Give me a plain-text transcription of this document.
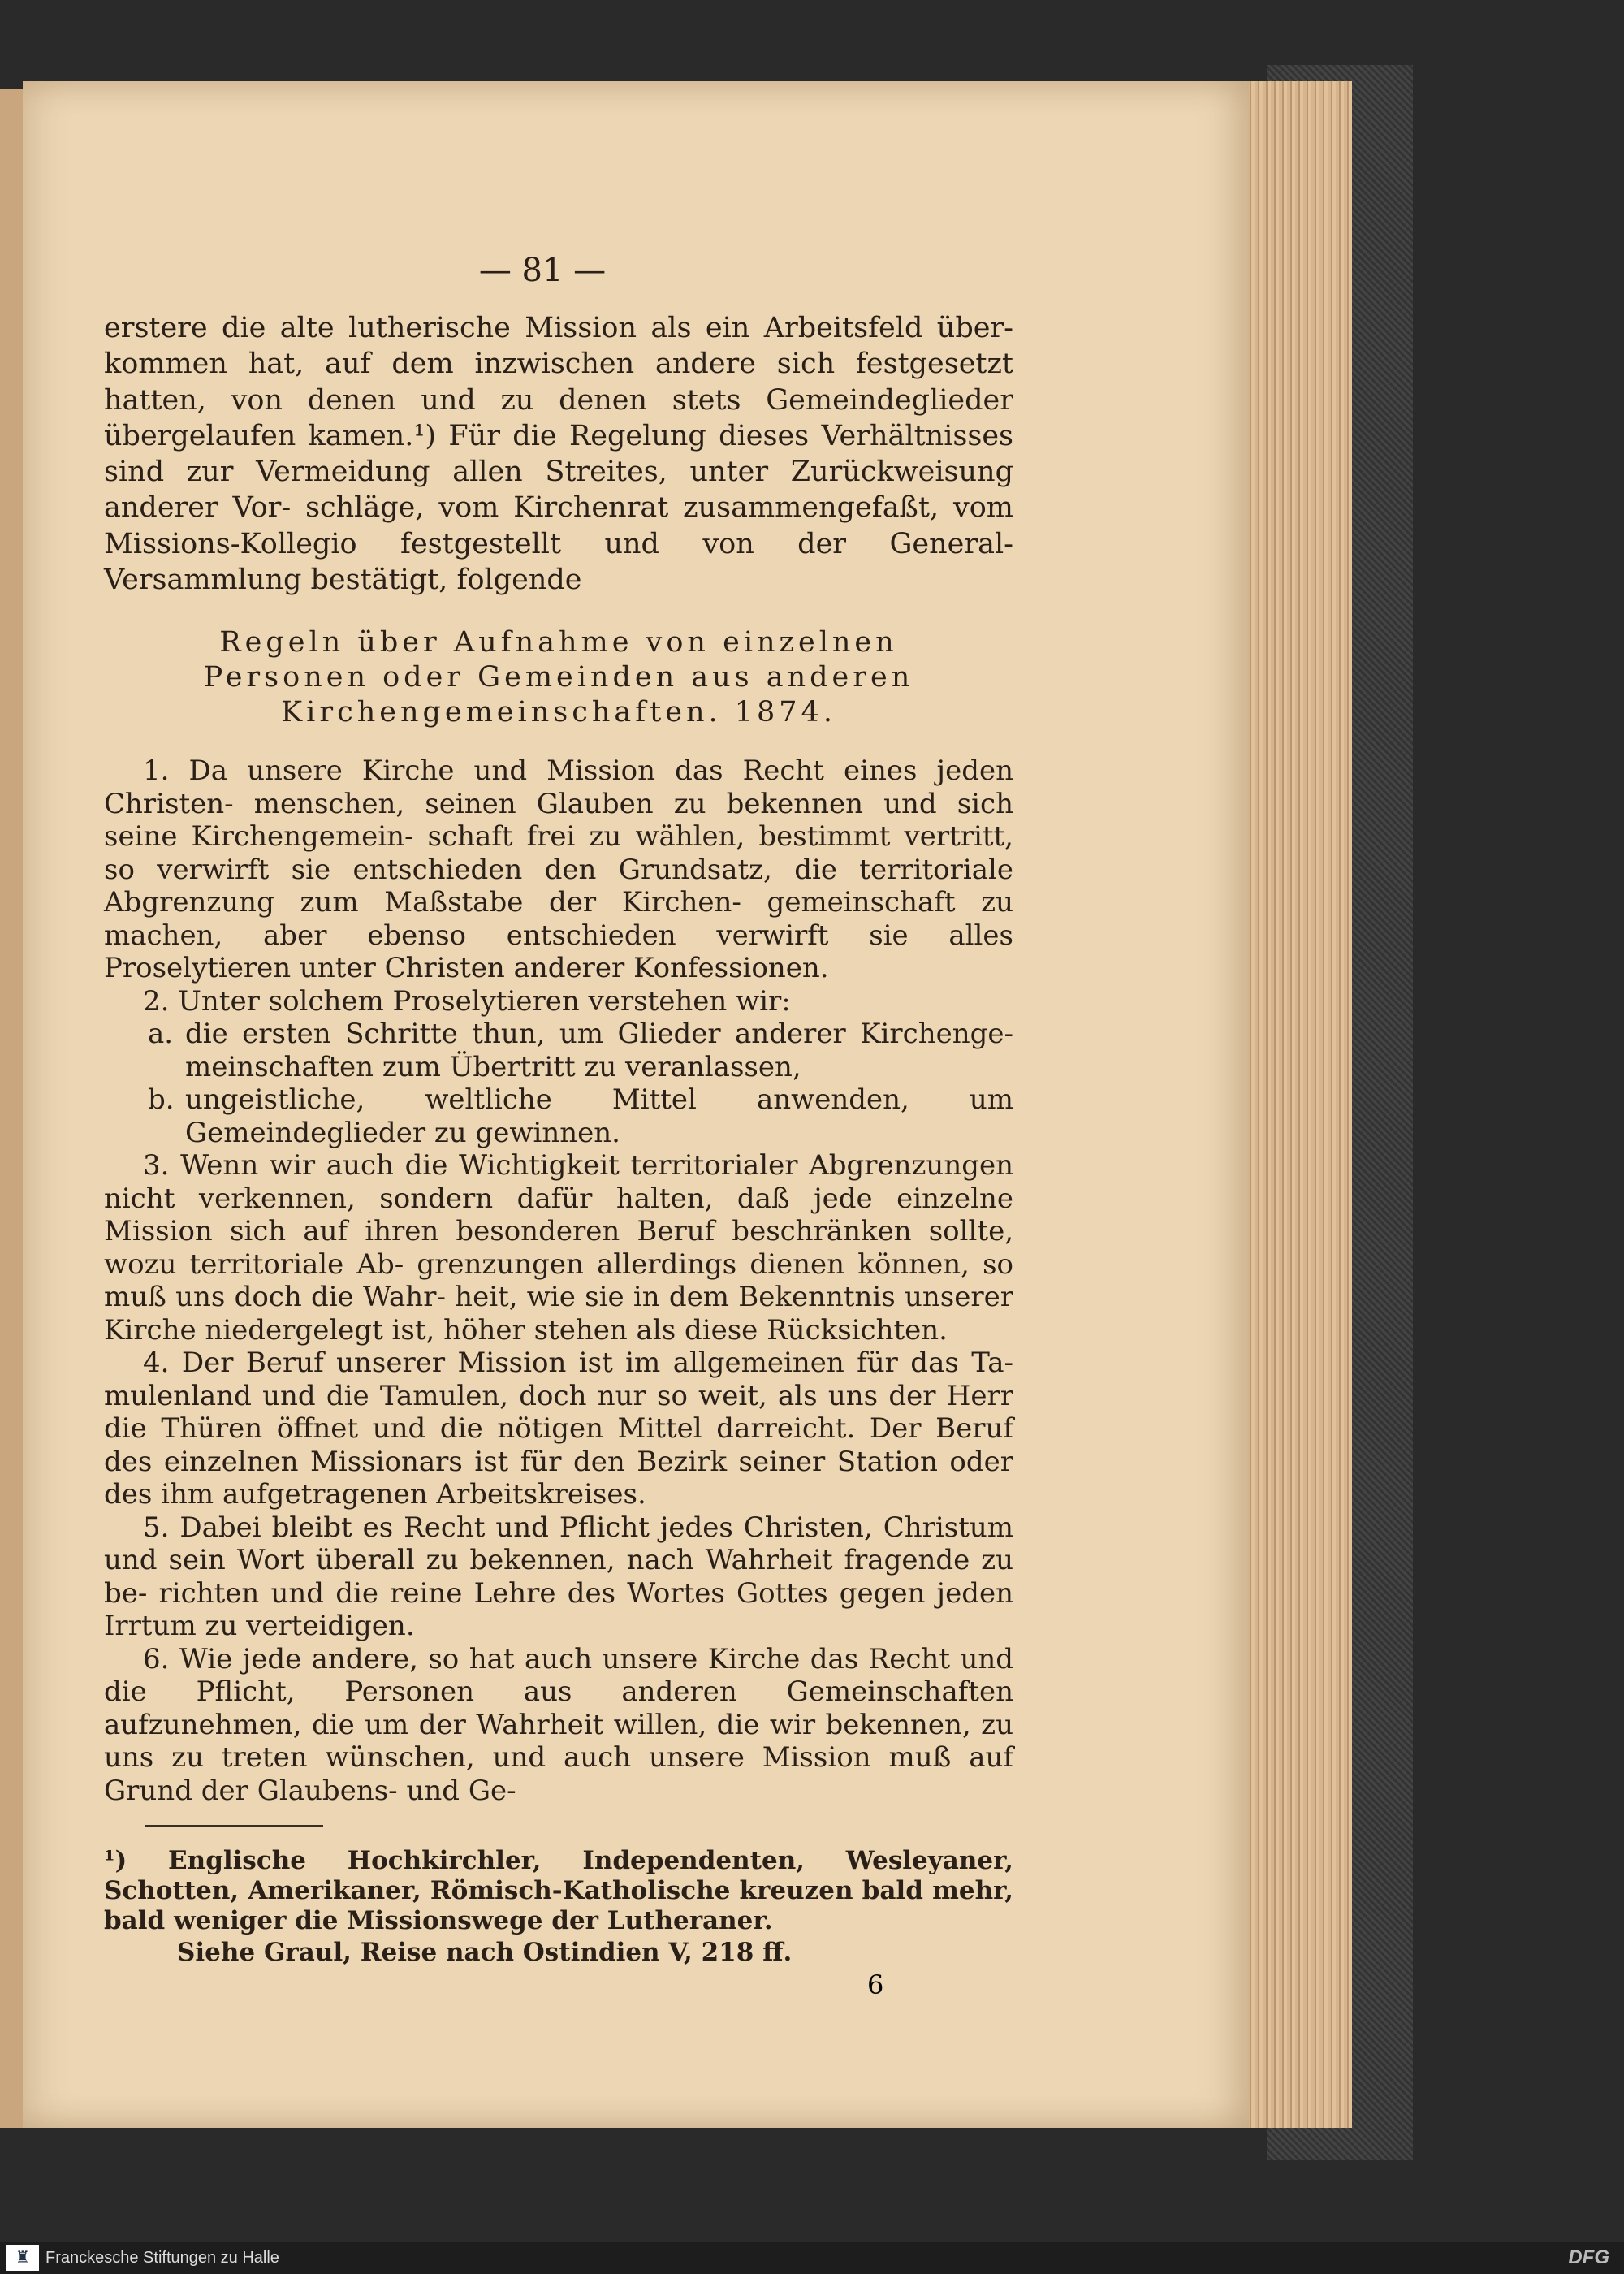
— 81 —

erstere die alte lutherische Mission als ein Arbeitsfeld über- kommen hat, auf dem inzwischen andere sich festgesetzt hatten, von denen und zu denen stets Gemeindeglieder übergelaufen kamen.¹) Für die Regelung dieses Verhältnisses sind zur Vermeidung allen Streites, unter Zurückweisung anderer Vor- schläge, vom Kirchenrat zusammengefaßt, vom Missions-Kollegio festgestellt und von der General-Versammlung bestätigt, folgende

Regeln über Aufnahme von einzelnen
Personen oder Gemeinden aus anderen
Kirchengemeinschaften. 1874.

1. Da unsere Kirche und Mission das Recht eines jeden Christen- menschen, seinen Glauben zu bekennen und sich seine Kirchengemein- schaft frei zu wählen, bestimmt vertritt, so verwirft sie entschieden den Grundsatz, die territoriale Abgrenzung zum Maßstabe der Kirchen- gemeinschaft zu machen, aber ebenso entschieden verwirft sie alles Proselytieren unter Christen anderer Konfessionen.

2. Unter solchem Proselytieren verstehen wir:

a. die ersten Schritte thun, um Glieder anderer Kirchenge- meinschaften zum Übertritt zu veranlassen,

b. ungeistliche, weltliche Mittel anwenden, um Gemeindeglieder zu gewinnen.

3. Wenn wir auch die Wichtigkeit territorialer Abgrenzungen nicht verkennen, sondern dafür halten, daß jede einzelne Mission sich auf ihren besonderen Beruf beschränken sollte, wozu territoriale Ab- grenzungen allerdings dienen können, so muß uns doch die Wahr- heit, wie sie in dem Bekenntnis unserer Kirche niedergelegt ist, höher stehen als diese Rücksichten.

4. Der Beruf unserer Mission ist im allgemeinen für das Ta- mulenland und die Tamulen, doch nur so weit, als uns der Herr die Thüren öffnet und die nötigen Mittel darreicht. Der Beruf des einzelnen Missionars ist für den Bezirk seiner Station oder des ihm aufgetragenen Arbeitskreises.

5. Dabei bleibt es Recht und Pflicht jedes Christen, Christum und sein Wort überall zu bekennen, nach Wahrheit fragende zu be- richten und die reine Lehre des Wortes Gottes gegen jeden Irrtum zu verteidigen.

6. Wie jede andere, so hat auch unsere Kirche das Recht und die Pflicht, Personen aus anderen Gemeinschaften aufzunehmen, die um der Wahrheit willen, die wir bekennen, zu uns zu treten wünschen, und auch unsere Mission muß auf Grund der Glaubens- und Ge-

¹) Englische Hochkirchler, Independenten, Wesleyaner, Schotten, Amerikaner, Römisch-Katholische kreuzen bald mehr, bald weniger die Missionswege der Lutheraner.

Siehe Graul, Reise nach Ostindien V, 218 ff.

6
♜ Franckesche Stiftungen zu Halle	DFG
